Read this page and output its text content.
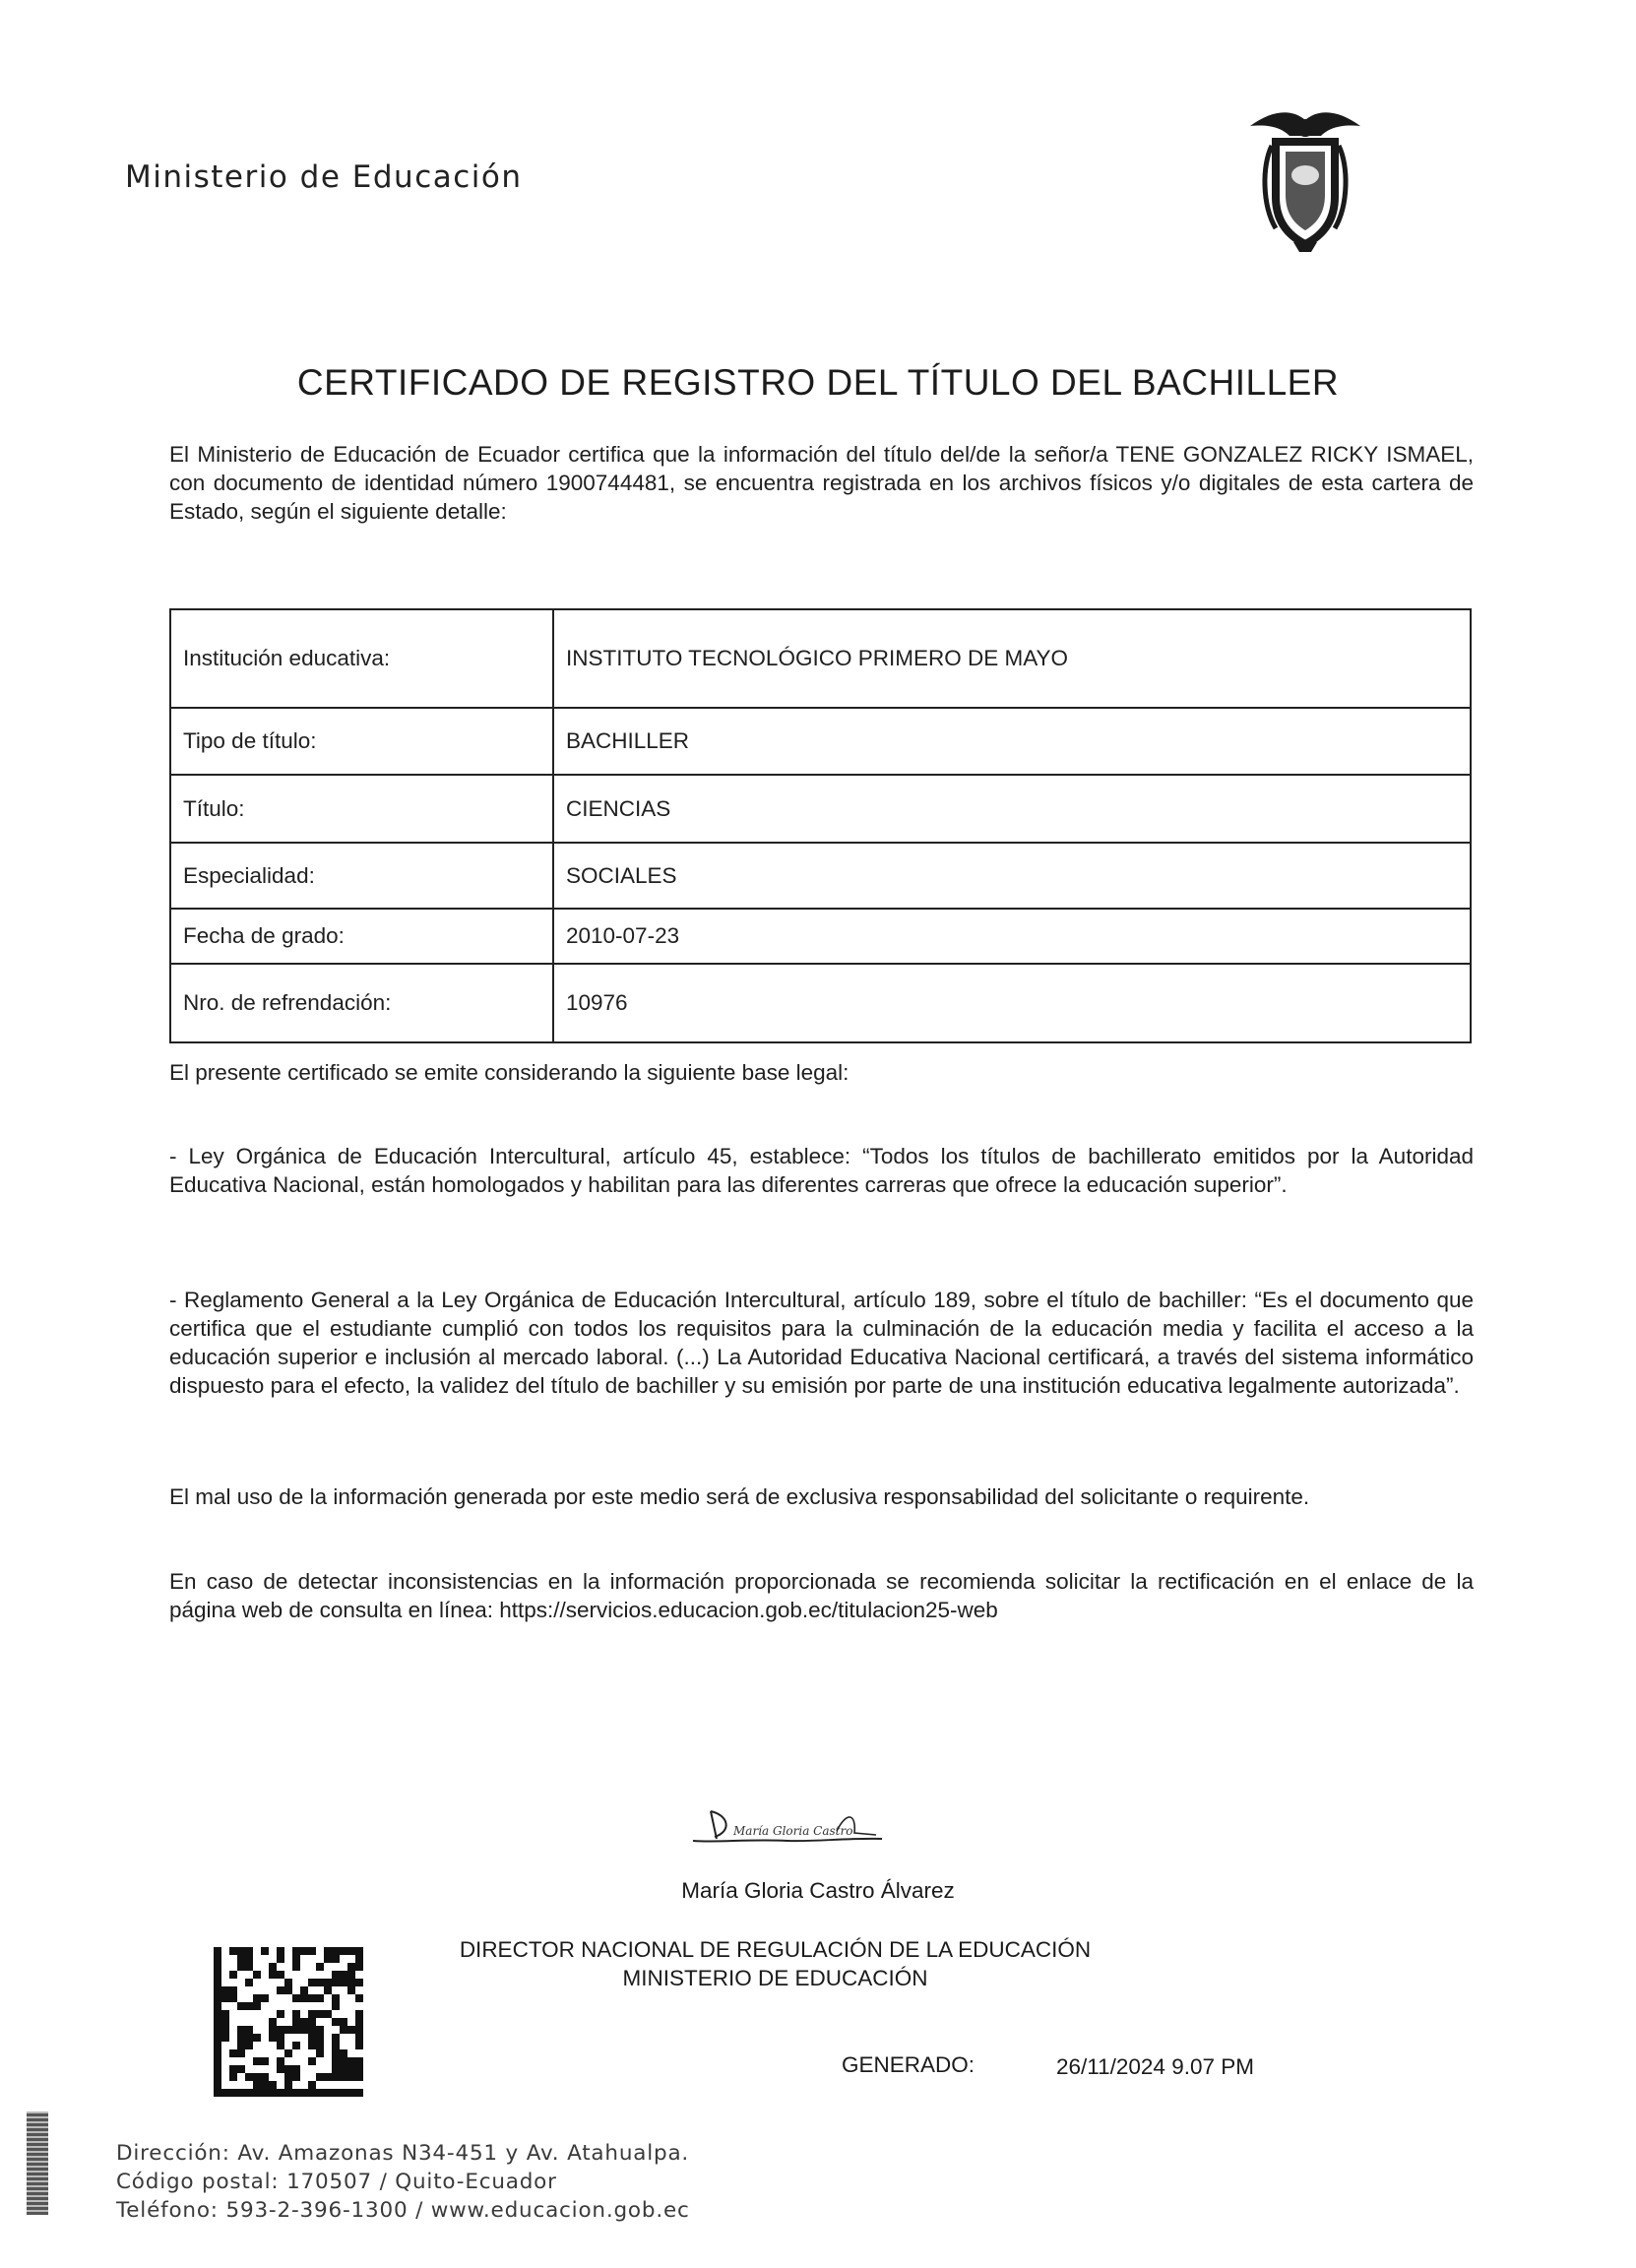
Ministerio de Educación
CERTIFICADO DE REGISTRO DEL TÍTULO DEL BACHILLER
El Ministerio de Educación de Ecuador certifica que la información del título del/de la señor/a TENE GONZALEZ RICKY ISMAEL, con documento de identidad número 1900744481, se encuentra registrada en los archivos físicos y/o digitales de esta cartera de Estado, según el siguiente detalle:
Institución educativa:	INSTITUTO TECNOLÓGICO PRIMERO DE MAYO
Tipo de título:	BACHILLER
Título:	CIENCIAS
Especialidad:	SOCIALES
Fecha de grado:	2010-07-23
Nro. de refrendación:	10976
El presente certificado se emite considerando la siguiente base legal:
- Ley Orgánica de Educación Intercultural, artículo 45, establece: “Todos los títulos de bachillerato emitidos por la Autoridad Educativa Nacional, están homologados y habilitan para las diferentes carreras que ofrece la educación superior”.
- Reglamento General a la Ley Orgánica de Educación Intercultural, artículo 189, sobre el título de bachiller: “Es el documento que certifica que el estudiante cumplió con todos los requisitos para la culminación de la educación media y facilita el acceso a la educación superior e inclusión al mercado laboral. (...) La Autoridad Educativa Nacional certificará, a través del sistema informático dispuesto para el efecto, la validez del título de bachiller y su emisión por parte de una institución educativa legalmente autorizada”.
El mal uso de la información generada por este medio será de exclusiva responsabilidad del solicitante o requirente.
En caso de detectar inconsistencias en la información proporcionada se recomienda solicitar la rectificación en el enlace de la página web de consulta en línea: https://servicios.educacion.gob.ec/titulacion25-web
María Gloria Castro
María Gloria Castro Álvarez
DIRECTOR NACIONAL DE REGULACIÓN DE LA EDUCACIÓN
MINISTERIO DE EDUCACIÓN
GENERADO:	26/11/2024 9.07 PM
Dirección: Av. Amazonas N34-451 y Av. Atahualpa.
Código postal: 170507 / Quito-Ecuador
Teléfono: 593-2-396-1300 / www.educacion.gob.ec
